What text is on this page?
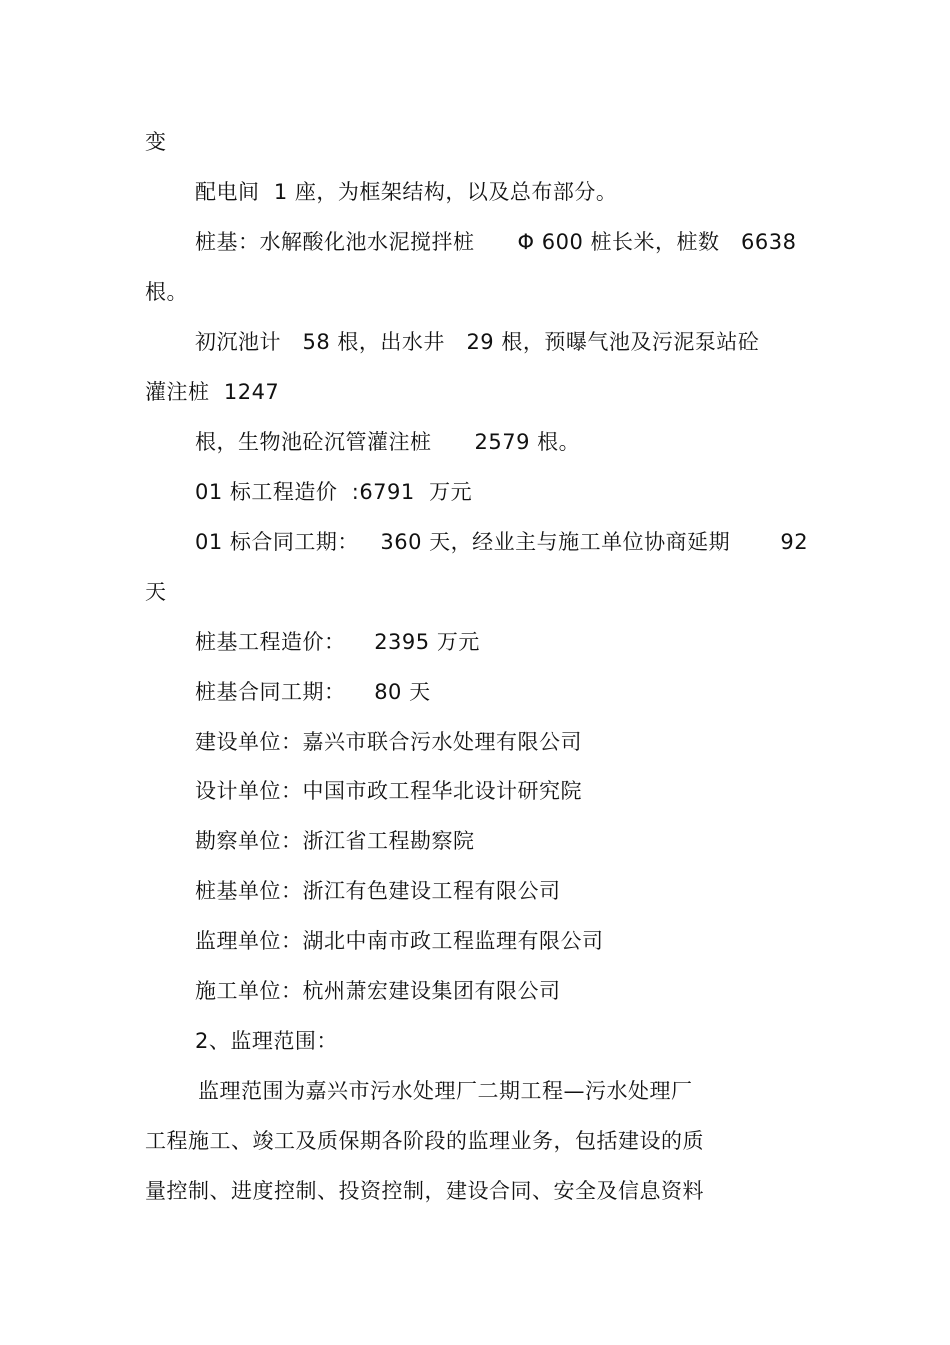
变
配电间  1 座，为框架结构，以及总布部分。
桩基：水解酸化池水泥搅拌桩      Φ 600 桩长米，桩数   6638
根。
初沉池计   58 根，出水井   29 根，预曝气池及污泥泵站砼
灌注桩  1247
根，生物池砼沉管灌注桩      2579 根。
01 标工程造价  :6791  万元
01 标合同工期：   360 天，经业主与施工单位协商延期       92
天
桩基工程造价：    2395 万元
桩基合同工期：    80 天
建设单位：嘉兴市联合污水处理有限公司
设计单位：中国市政工程华北设计研究院
勘察单位：浙江省工程勘察院
桩基单位：浙江有色建设工程有限公司
监理单位：湖北中南市政工程监理有限公司
施工单位：杭州萧宏建设集团有限公司
2、监理范围：
监理范围为嘉兴市污水处理厂二期工程—污水处理厂
工程施工、竣工及质保期各阶段的监理业务，包括建设的质
量控制、进度控制、投资控制，建设合同、安全及信息资料
